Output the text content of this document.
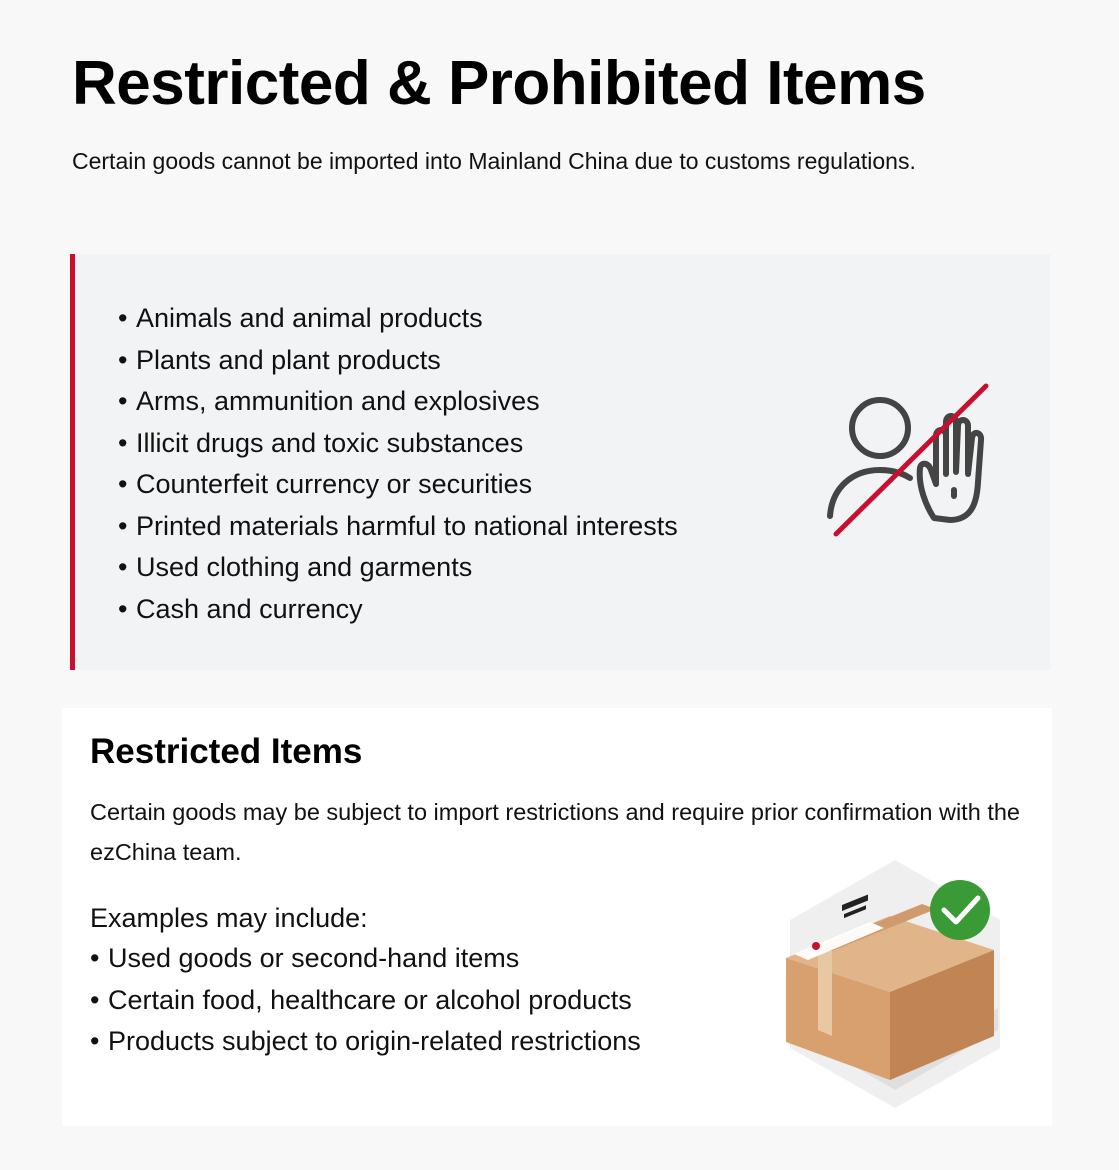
Restricted & Prohibited Items

Certain goods cannot be imported into Mainland China due to customs regulations.

• Animals and animal products
• Plants and plant products
• Arms, ammunition and explosives
• Illicit drugs and toxic substances
• Counterfeit currency or securities
• Printed materials harmful to national interests
• Used clothing and garments
• Cash and currency
Restricted Items

Certain goods may be subject to import restrictions and require prior confirmation with the ezChina team.

Examples may include:

• Used goods or second-hand items
• Certain food, healthcare or alcohol products
• Products subject to origin-related restrictions
